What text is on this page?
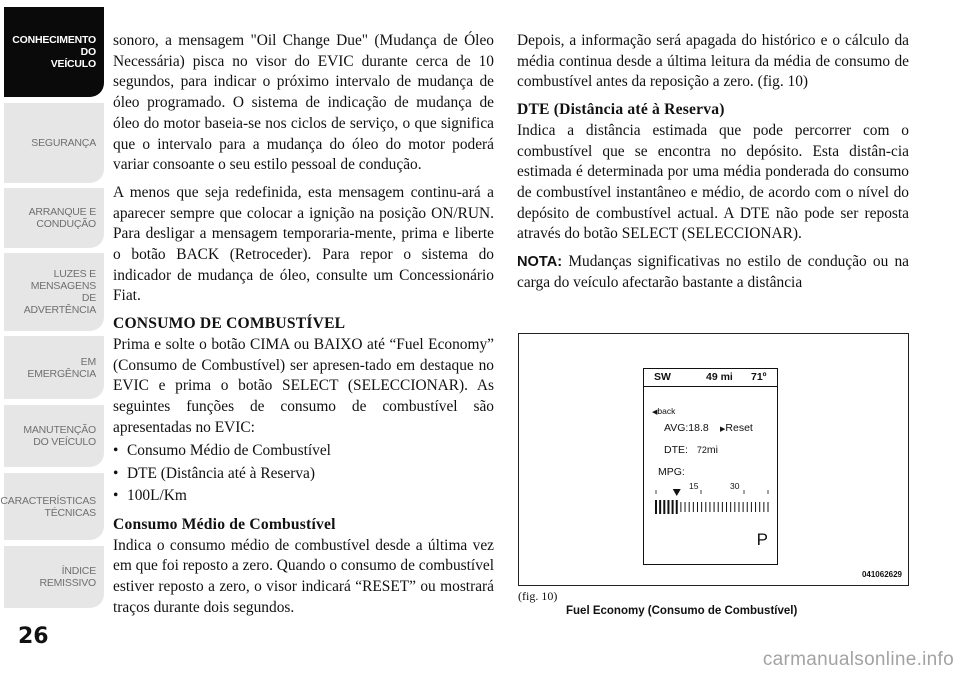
CONHECIMENTO
DO
VEÍCULO
SEGURANÇA
ARRANQUE E
CONDUÇÃO
LUZES E
MENSAGENS
DE
ADVERTÊNCIA
EM
EMERGÊNCIA
MANUTENÇÃO
DO VEÍCULO
CARACTERÍSTICAS
TÉCNICAS
ÍNDICE
REMISSIVO
26

sonoro, a mensagem "Oil Change Due" (Mudança de Óleo Necessária) pisca no visor do EVIC durante cerca de 10 segundos, para indicar o próximo intervalo de mudança de óleo programado. O sistema de indicação de mudança de óleo do motor baseia-se nos ciclos de serviço, o que significa que o intervalo para a mudança do óleo do motor poderá variar consoante o seu estilo pessoal de condução.

A menos que seja redefinida, esta mensagem continu-ará a aparecer sempre que colocar a ignição na posição ON/RUN. Para desligar a mensagem temporaria-mente, prima e liberte o botão BACK (Retroceder). Para repor o sistema do indicador de mudança de óleo, consulte um Concessionário Fiat.

CONSUMO DE COMBUSTÍVEL

Prima e solte o botão CIMA ou BAIXO até “Fuel Economy” (Consumo de Combustível) ser apresen-tado em destaque no EVIC e prima o botão SELECT (SELECCIONAR). As seguintes funções de consumo de combustível são apresentadas no EVIC:

• Consumo Médio de Combustível
• DTE (Distância até à Reserva)
• 100L/Km
Consumo Médio de Combustível

Indica o consumo médio de combustível desde a última vez em que foi reposto a zero. Quando o consumo de combustível estiver reposto a zero, o visor indicará “RESET” ou mostrará traços durante dois segundos.

Depois, a informação será apagada do histórico e o cálculo da média continua desde a última leitura da média de consumo de combustível antes da reposição a zero. (fig. 10)

DTE (Distância até à Reserva)

Indica a distância estimada que pode percorrer com o combustível que se encontra no depósito. Esta distân-cia estimada é determinada por uma média ponderada do consumo de combustível instantâneo e médio, de acordo com o nível do depósito de combustível actual. A DTE não pode ser reposta através do botão SELECT (SELECCIONAR).

NOTA: Mudanças significativas no estilo de condução ou na carga do veículo afectarão bastante a distância

SW	49 mi 71º
◀back
AVG:18.8 ▶Reset
DTE: 72mi
MPG:
15	30
P
041062629
(fig. 10)
Fuel Economy (Consumo de Combustível)
carmanualsonline.info
